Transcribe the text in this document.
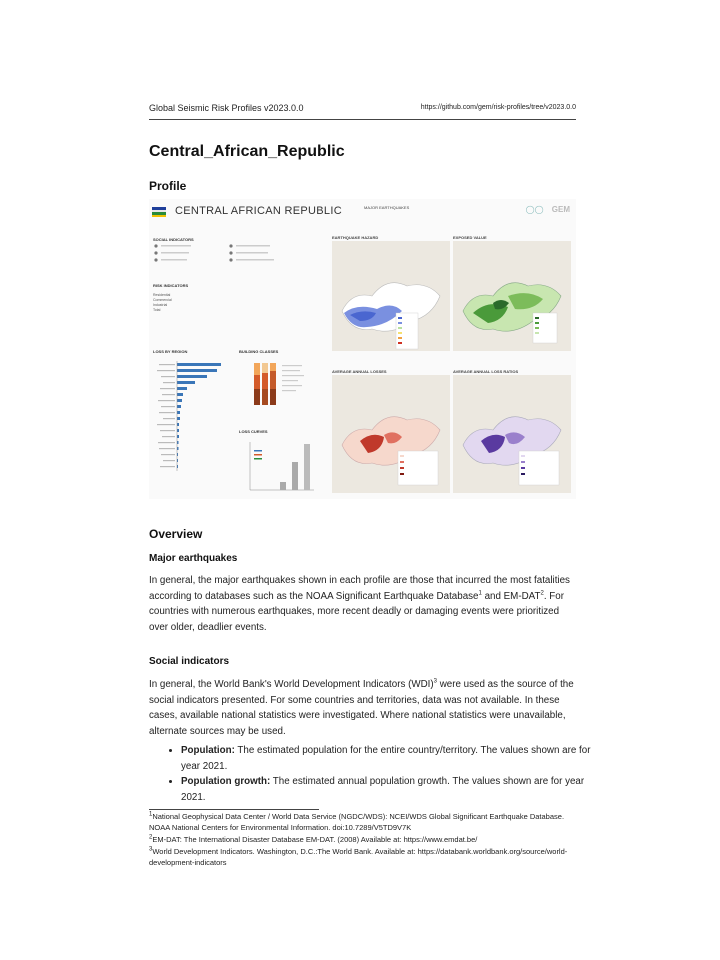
Global Seismic Risk Profiles v2023.0.0	https://github.com/gem/risk-profiles/tree/v2023.0.0
Central_African_Republic
Profile
CENTRAL AFRICAN REPUBLIC	MAJOR EARTHQUAKES	◯◯ GEM
SOCIAL INDICATORS
RISK INDICATORS
Residential
Commercial
Industrial
Total
LOSS BY REGION	BUILDING CLASSES
LOSS CURVES
EARTHQUAKE HAZARD	EXPOSED VALUE
AVERAGE ANNUAL LOSSES	AVERAGE ANNUAL LOSS RATIOS
Overview
Major earthquakes

In general, the major earthquakes shown in each profile are those that incurred the most fatalities according to databases such as the NOAA Significant Earthquake Database$^1$ and EM-DAT$^2$. For countries with numerous earthquakes, more recent deadly or damaging events were prioritized over older, deadlier events.

Social indicators

In general, the World Bank's World Development Indicators (WDI)$^3$ were used as the source of the social indicators presented. For some countries and territories, data was not available. In these cases, available national statistics were investigated. Where national statistics were unavailable, alternate sources may be used.

• Population: The estimated population for the entire country/territory. The values shown are for year 2021.
• Population growth: The estimated annual population growth. The values shown are for year 2021.
$^1$National Geophysical Data Center / World Data Service (NGDC/WDS): NCEI/WDS Global Significant Earthquake Database. NOAA National Centers for Environmental Information. doi:10.7289/V5TD9V7K
$^2$EM-DAT: The International Disaster Database EM-DAT. (2008) Available at: https://www.emdat.be/
$^3$World Development Indicators. Washington, D.C.:The World Bank. Available at: https://databank.worldbank.org/source/world-development-indicators
